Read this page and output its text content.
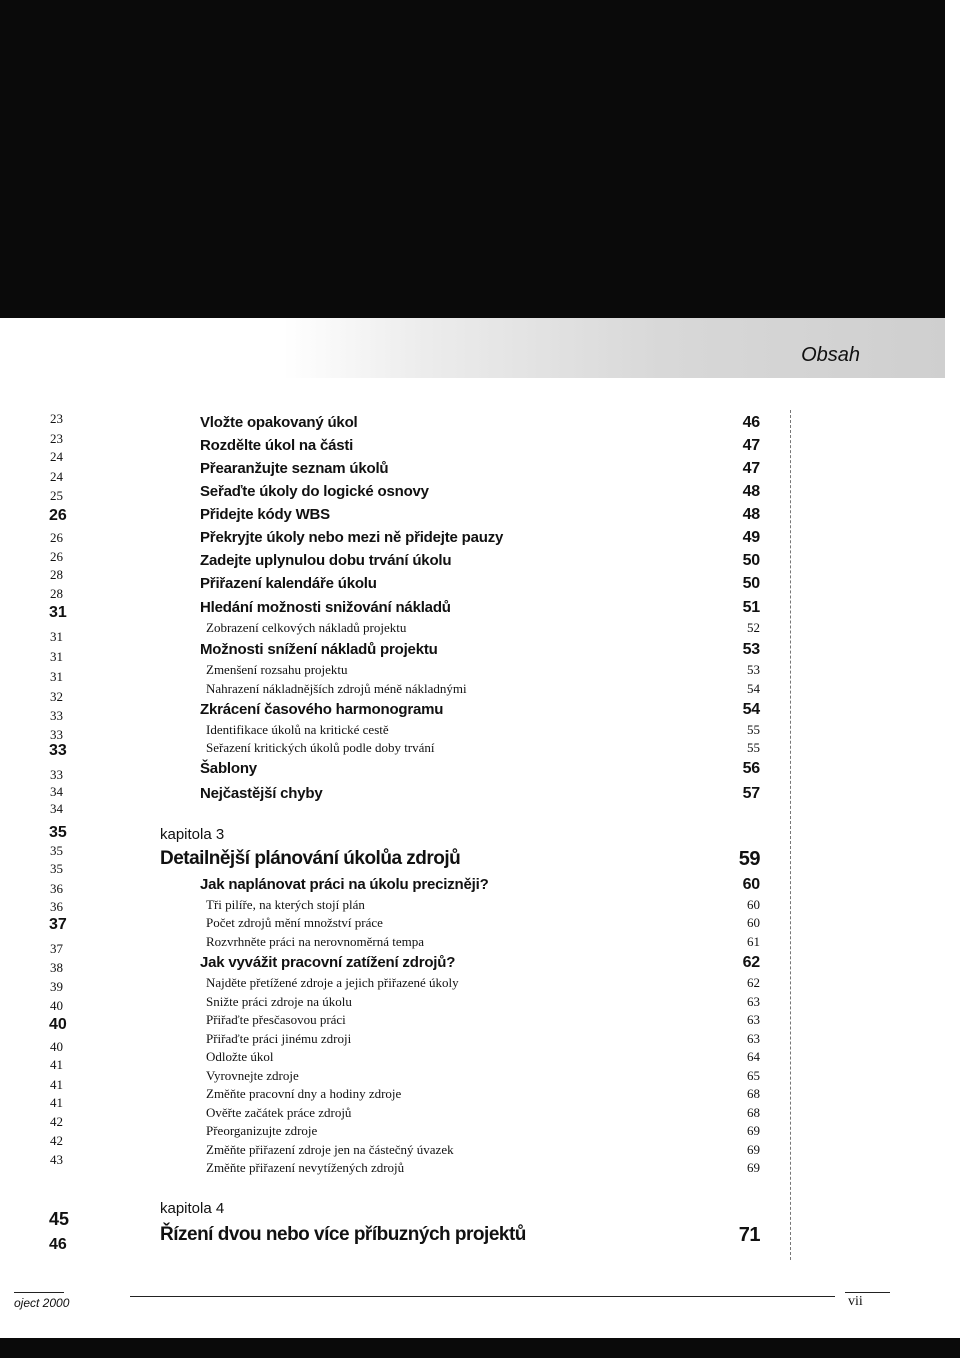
Obsah
23
23
24
24
25
26
26
26
28
28
31
31
31
31
32
33
33
33
33
34
34
35
35
35
36
36
37
37
38
39
40
40
40
41
41
41
42
42
43
45
46
Vložte opakovaný úkol	46
Rozdělte úkol na části	47
Přearanžujte seznam úkolů	47
Seřaďte úkoly do logické osnovy	48
Přidejte kódy WBS	48
Překryjte úkoly nebo mezi ně přidejte pauzy	49
Zadejte uplynulou dobu trvání úkolu	50
Přiřazení kalendáře úkolu	50
Hledání možnosti snižování nákladů	51
Zobrazení celkových nákladů projektu	52
Možnosti snížení nákladů projektu	53
Zmenšení rozsahu projektu	53
Nahrazení nákladnějších zdrojů méně nákladnými	54
Zkrácení časového harmonogramu	54
Identifikace úkolů na kritické cestě	55
Seřazení kritických úkolů podle doby trvání	55
Šablony	56
Nejčastější chyby	57
kapitola 3
Detailnější plánování úkolůa zdrojů	59
Jak naplánovat práci na úkolu precizněji?	60
Tři pilíře, na kterých stojí plán	60
Počet zdrojů mění množství práce	60
Rozvrhněte práci na nerovnoměrná tempa	61
Jak vyvážit pracovní zatížení zdrojů?	62
Najděte přetížené zdroje a jejich přiřazené úkoly	62
Snižte práci zdroje na úkolu	63
Přiřaďte přesčasovou práci	63
Přiřaďte práci jinému zdroji	63
Odložte úkol	64
Vyrovnejte zdroje	65
Změňte pracovní dny a hodiny zdroje	68
Ověřte začátek práce zdrojů	68
Přeorganizujte zdroje	69
Změňte přiřazení zdroje jen na částečný úvazek	69
Změňte přiřazení nevytížených zdrojů	69
kapitola 4
Řízení dvou nebo více příbuzných projektů	71
oject 2000	vii
